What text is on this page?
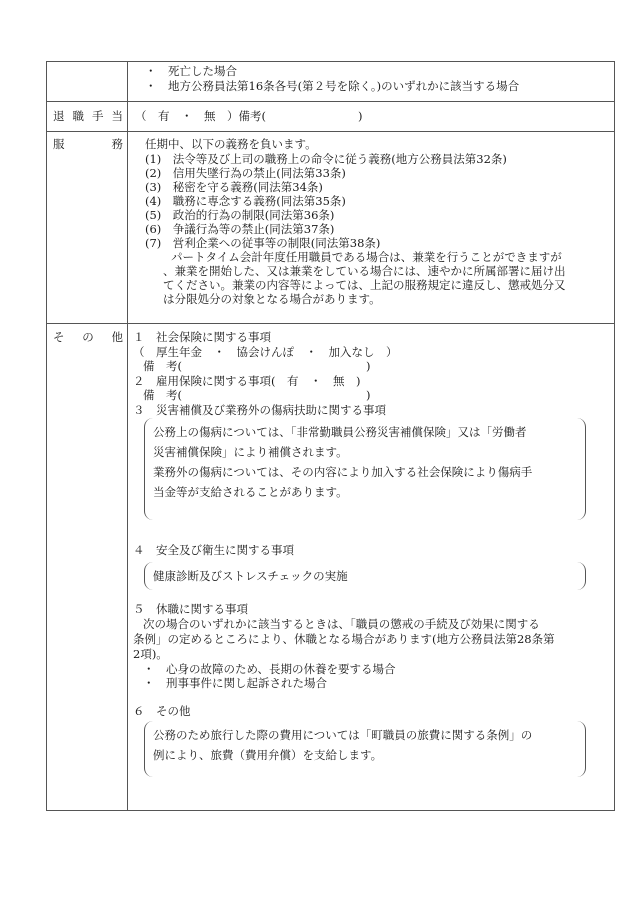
・　死亡した場合
・　地方公務員法第16条各号(第２号を除く。)のいずれかに該当する場合
退職手当 （　有　・　無　）備考(　　　　　　　　)
服　　務 任期中、以下の義務を負います。
(1)　法令等及び上司の職務上の命令に従う義務(地方公務員法第32条)
(2)　信用失墜行為の禁止(同法第33条)
(3)　秘密を守る義務(同法第34条)
(4)　職務に専念する義務(同法第35条)
(5)　政治的行為の制限(同法第36条)
(6)　争議行為等の禁止(同法第37条)
(7)　営利企業への従事等の制限(同法第38条)
パートタイム会計年度任用職員である場合は、兼業を行うことができますが
、兼業を開始した、又は兼業をしている場合には、速やかに所属部署に届け出
てください。兼業の内容等によっては、上記の服務規定に違反し、懲戒処分又
は分限処分の対象となる場合があります。
そ　の　他 １　社会保険に関する事項
（　厚生年金　・　協会けんぽ　・　加入なし　）
備　考(　　　　　　　　　　　　　　　　)
２　雇用保険に関する事項(　有　・　無　)
備　考(　　　　　　　　　　　　　　　　)
３　災害補償及び業務外の傷病扶助に関する事項
公務上の傷病については、「非常勤職員公務災害補償保険」又は「労働者
災害補償保険」により補償されます。
業務外の傷病については、その内容により加入する社会保険により傷病手
当金等が支給されることがあります。
４　安全及び衛生に関する事項
健康診断及びストレスチェックの実施
５　休職に関する事項
次の場合のいずれかに該当するときは、「職員の懲戒の手続及び効果に関する
条例」の定めるところにより、休職となる場合があります(地方公務員法第28条第
2項)。
・　心身の故障のため、長期の休養を要する場合
・　刑事事件に関し起訴された場合
６　その他
公務のため旅行した際の費用については「町職員の旅費に関する条例」の
例により、旅費（費用弁償）を支給します。
